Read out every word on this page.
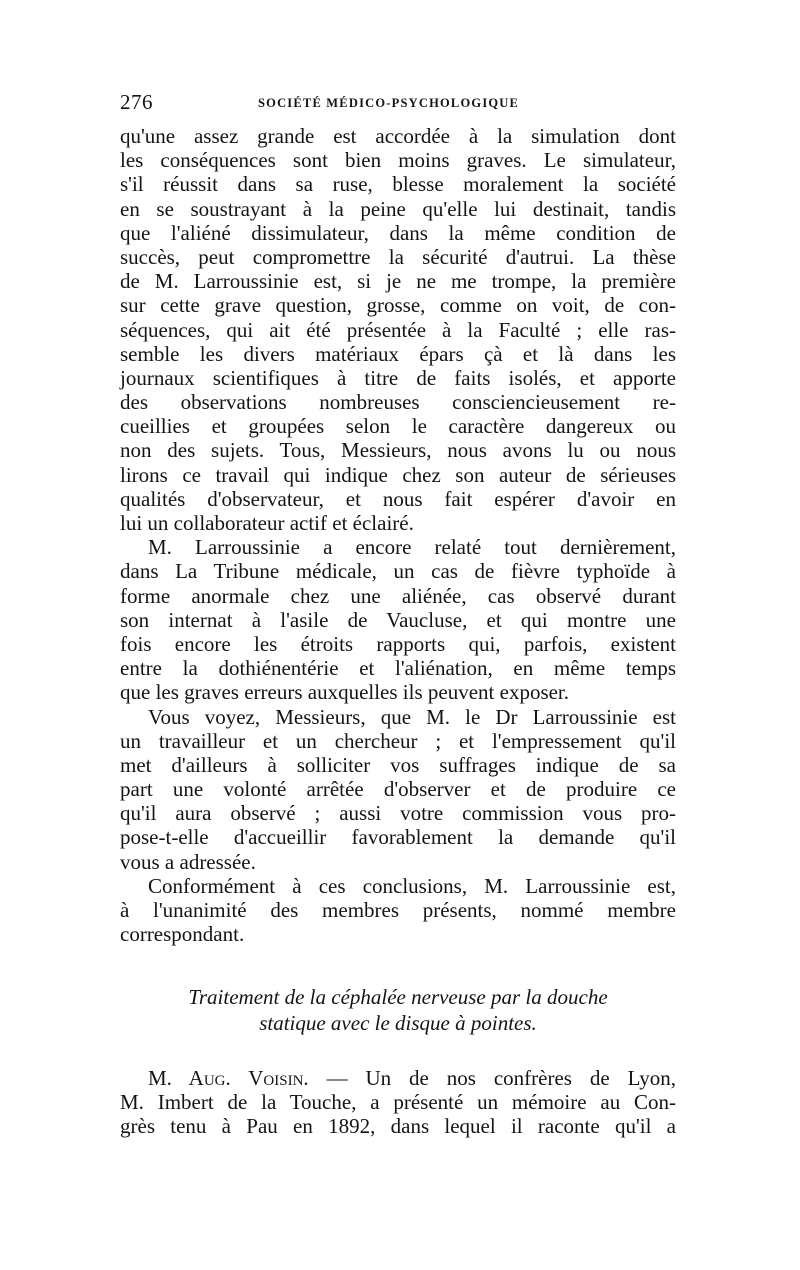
276	SOCIÉTÉ MÉDICO-PSYCHOLOGIQUE
qu'une assez grande est accordée à la simulation dont
les conséquences sont bien moins graves. Le simulateur,
s'il réussit dans sa ruse, blesse moralement la société
en se soustrayant à la peine qu'elle lui destinait, tandis
que l'aliéné dissimulateur, dans la même condition de
succès, peut compromettre la sécurité d'autrui. La thèse
de M. Larroussinie est, si je ne me trompe, la première
sur cette grave question, grosse, comme on voit, de con-
séquences, qui ait été présentée à la Faculté ; elle ras-
semble les divers matériaux épars çà et là dans les
journaux scientifiques à titre de faits isolés, et apporte
des observations nombreuses consciencieusement re-
cueillies et groupées selon le caractère dangereux ou
non des sujets. Tous, Messieurs, nous avons lu ou nous
lirons ce travail qui indique chez son auteur de sérieuses
qualités d'observateur, et nous fait espérer d'avoir en
lui un collaborateur actif et éclairé.
M. Larroussinie a encore relaté tout dernièrement,
dans La Tribune médicale, un cas de fièvre typhoïde à
forme anormale chez une aliénée, cas observé durant
son internat à l'asile de Vaucluse, et qui montre une
fois encore les étroits rapports qui, parfois, existent
entre la dothiénentérie et l'aliénation, en même temps
que les graves erreurs auxquelles ils peuvent exposer.
Vous voyez, Messieurs, que M. le Dr Larroussinie est
un travailleur et un chercheur ; et l'empressement qu'il
met d'ailleurs à solliciter vos suffrages indique de sa
part une volonté arrêtée d'observer et de produire ce
qu'il aura observé ; aussi votre commission vous pro-
pose-t-elle d'accueillir favorablement la demande qu'il
vous a adressée.
Conformément à ces conclusions, M. Larroussinie est,
à l'unanimité des membres présents, nommé membre
correspondant.
Traitement de la céphalée nerveuse par la douche
statique avec le disque à pointes.
M. Aug. Voisin. — Un de nos confrères de Lyon,
M. Imbert de la Touche, a présenté un mémoire au Con-
grès tenu à Pau en 1892, dans lequel il raconte qu'il a
